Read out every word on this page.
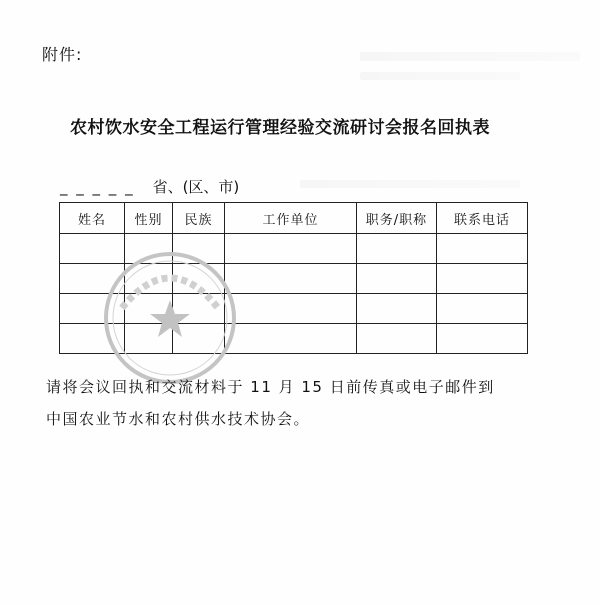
附件:
农村饮水安全工程运行管理经验交流研讨会报名回执表
_ _ _ _ _ 省、(区、市)
姓名	性别	民族	工作单位	职务/职称	联系电话

请将会议回执和交流材料于 11 月 15 日前传真或电子邮件到
中国农业节水和农村供水技术协会。
